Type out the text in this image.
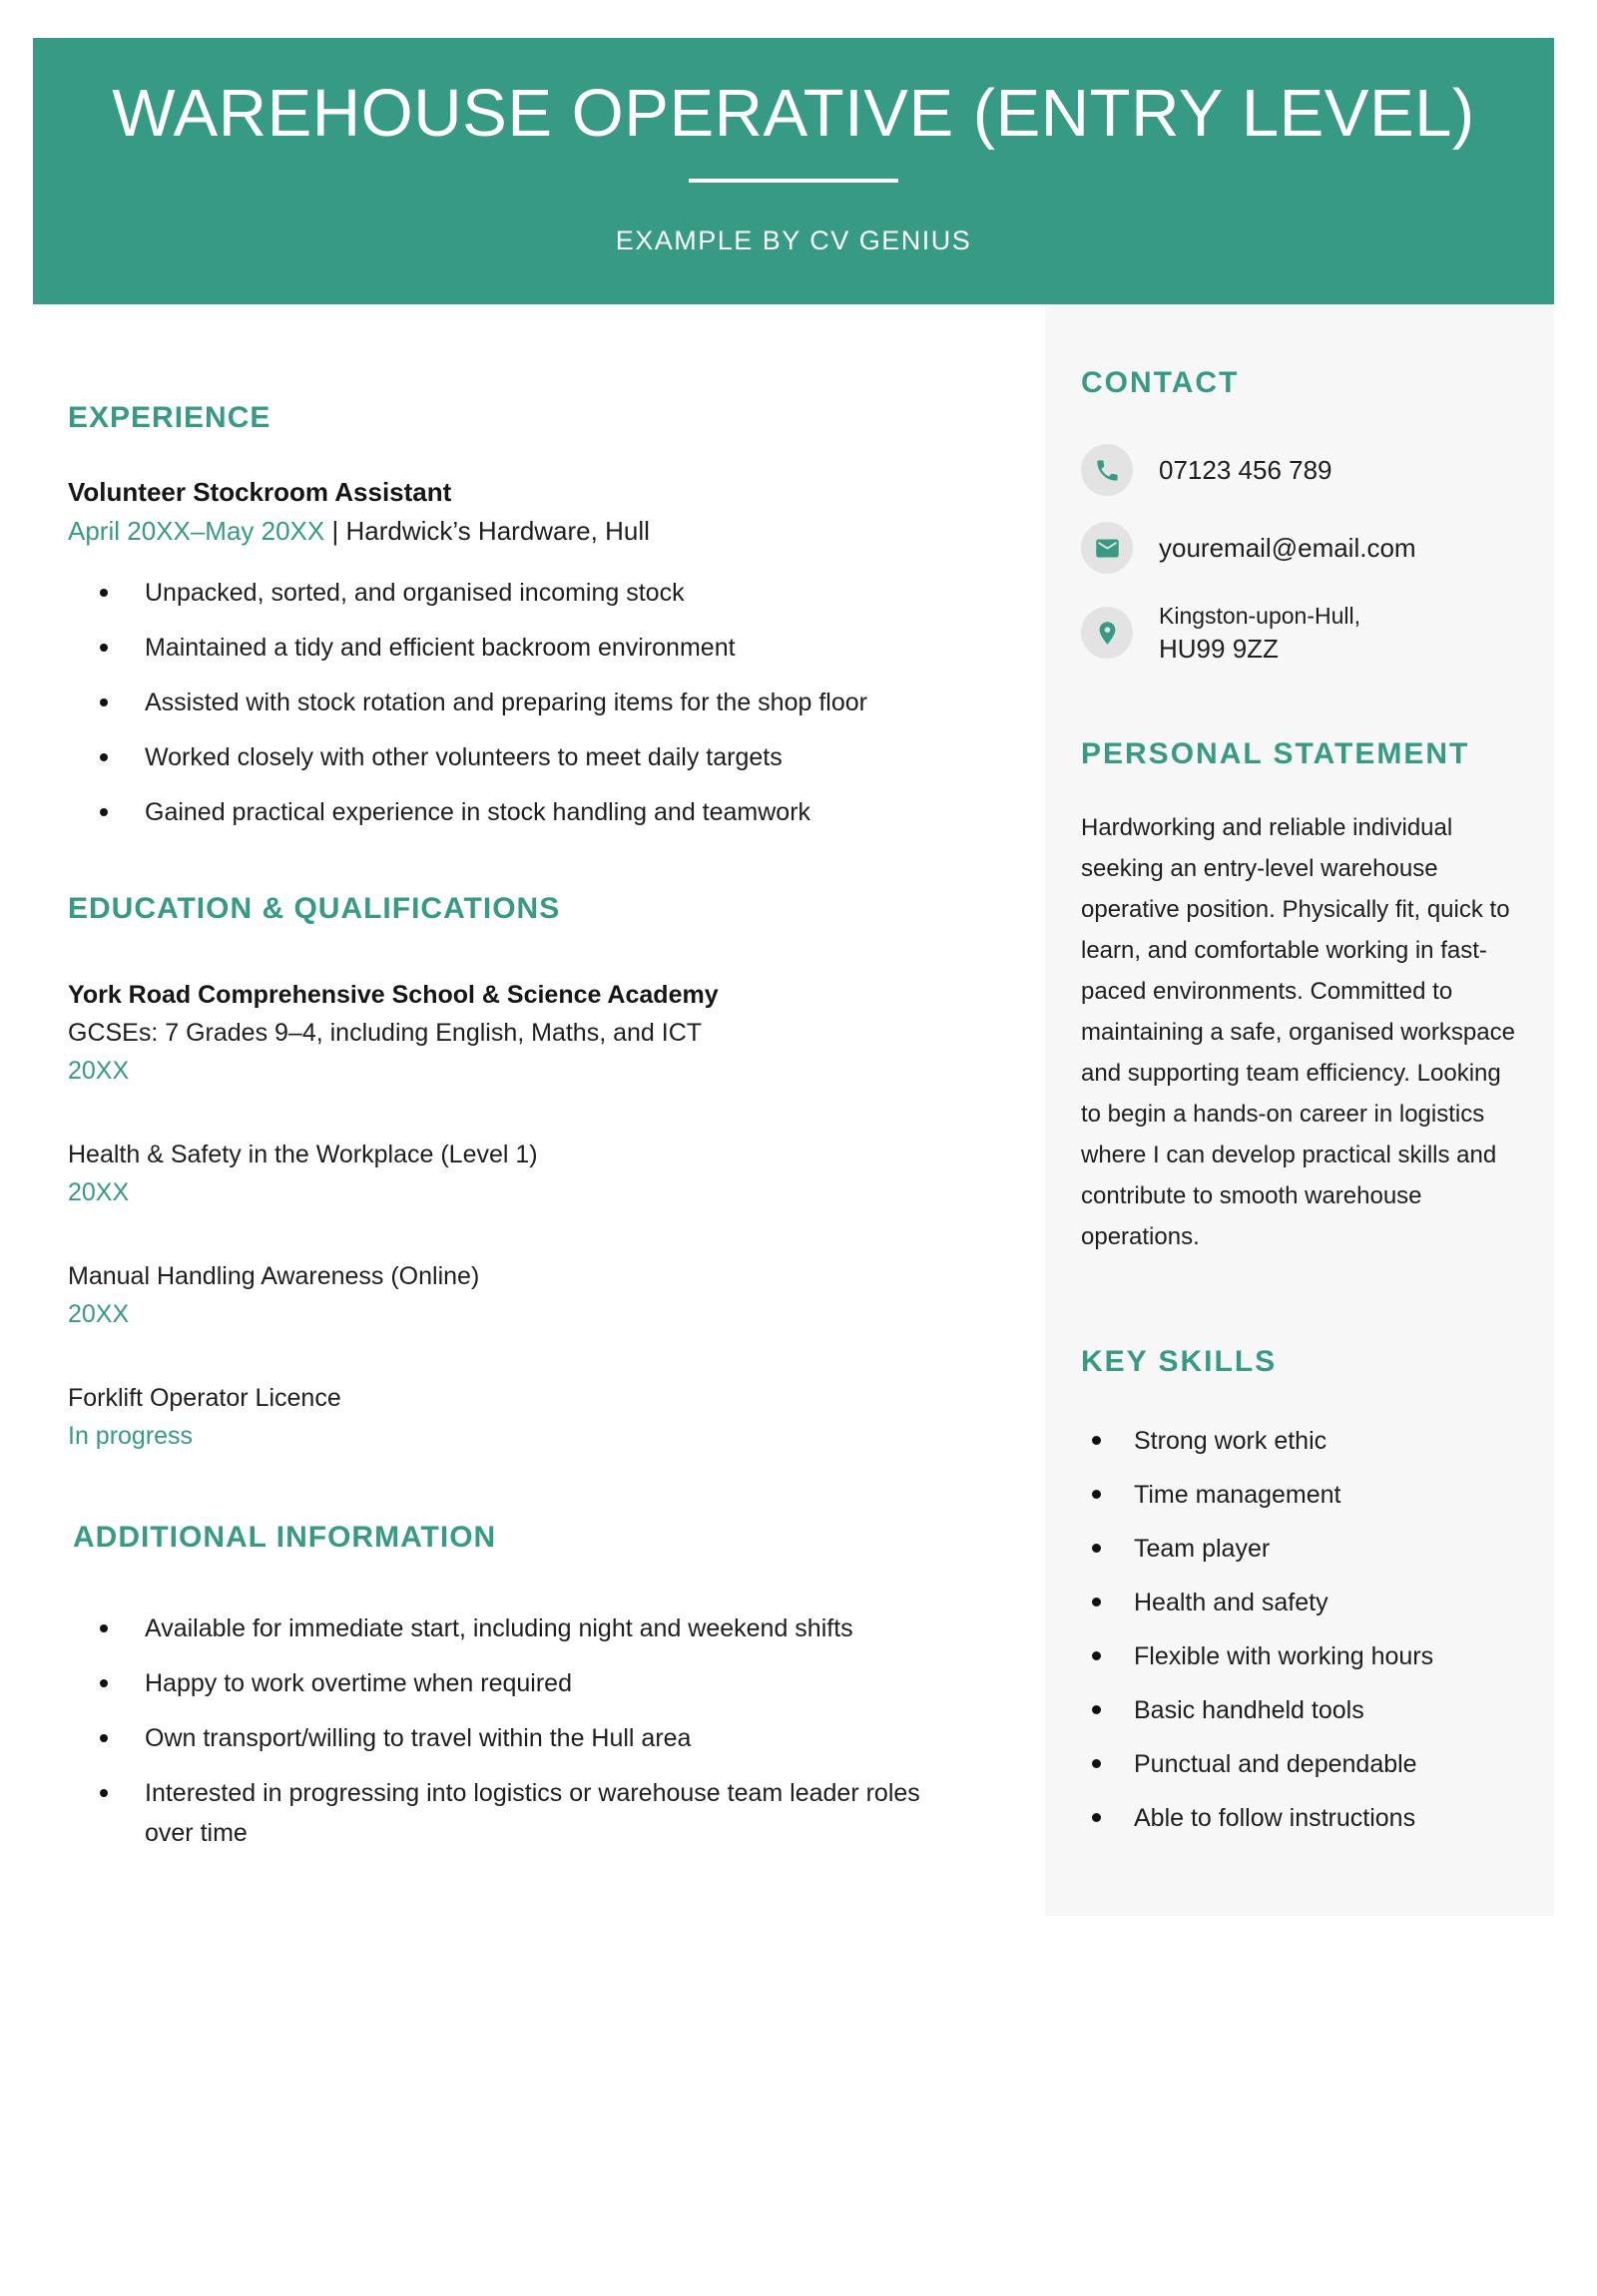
WAREHOUSE OPERATIVE (ENTRY LEVEL)
EXAMPLE BY CV GENIUS
EXPERIENCE
Volunteer Stockroom Assistant
April 20XX–May 20XX | Hardwick’s Hardware, Hull
Unpacked, sorted, and organised incoming stock
Maintained a tidy and efficient backroom environment
Assisted with stock rotation and preparing items for the shop floor
Worked closely with other volunteers to meet daily targets
Gained practical experience in stock handling and teamwork
EDUCATION & QUALIFICATIONS
York Road Comprehensive School & Science Academy
GCSEs: 7 Grades 9–4, including English, Maths, and ICT
20XX
Health & Safety in the Workplace (Level 1)
20XX
Manual Handling Awareness (Online)
20XX
Forklift Operator Licence
In progress
ADDITIONAL INFORMATION
Available for immediate start, including night and weekend shifts
Happy to work overtime when required
Own transport/willing to travel within the Hull area
Interested in progressing into logistics or warehouse team leader roles over time
CONTACT
07123 456 789
youremail@email.com
Kingston-upon-Hull,
HU99 9ZZ
PERSONAL STATEMENT

Hardworking and reliable individual seeking an entry-level warehouse operative position. Physically fit, quick to learn, and comfortable working in fast-paced environments. Committed to maintaining a safe, organised workspace and supporting team efficiency. Looking to begin a hands-on career in logistics where I can develop practical skills and contribute to smooth warehouse operations.

KEY SKILLS
Strong work ethic
Time management
Team player
Health and safety
Flexible with working hours
Basic handheld tools
Punctual and dependable
Able to follow instructions
